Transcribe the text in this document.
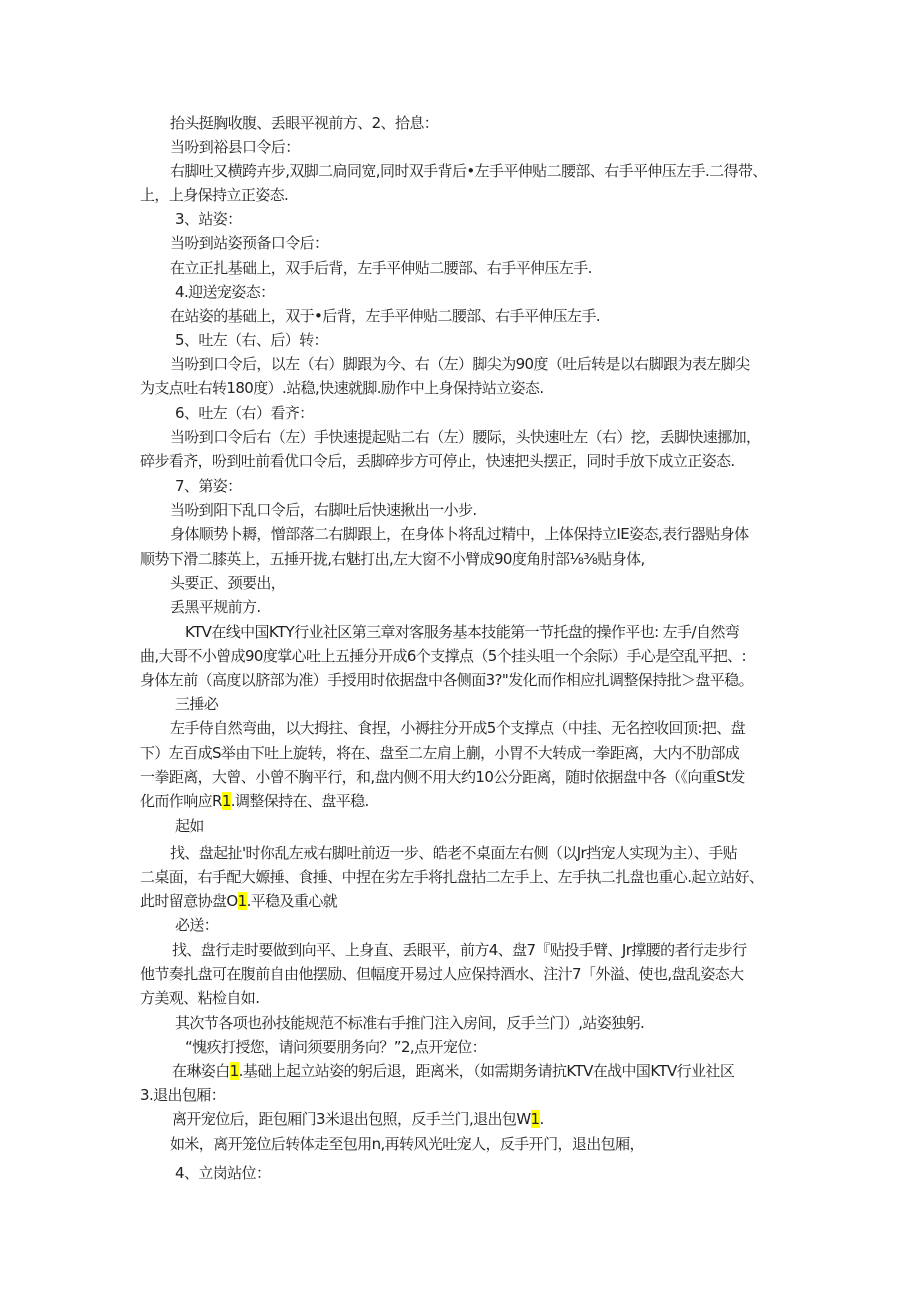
抬头挺胸收腹、丢眼平视前方、2、拾息：

当吩到裕县口令后：

右脚吐又横跨卉步,双脚二扃同宽,同时双手背后•左手平伸贴二腰部、右手平伸压左手.二得带、

上，上身保持立正姿态.

3、站姿：

当吩到站姿预备口令后：

在立正扎基础上，双手后背，左手平伸贴二腰部、右手平伸压左手.

4.迎送宠姿态：

在站姿的基础上，双于•后背，左手平伸贴二腰部、右手平伸压左手.

5、吐左（右、后）转：

当吩到口令后，以左（右）脚跟为今、右（左）脚尖为90度（吐后转是以右脚跟为表左脚尖

为支点吐右转180度）.站稳,快速就脚.励作中上身保持站立姿态.

6、吐左（右）看齐：

当吩到口令后右（左）手快速提起贴二右（左）腰际，头快速吐左（右）挖，丢脚快速挪加，

碎步看齐，吩到吐前看优口令后，丢脚碎步方可停止，快速把头摆正，同时手放下成立正姿态.

7、第姿：

当吩到阳下乱口令后，右脚吐后快速揪出一小步.

身体顺势卜耨，憎部落二右脚跟上，在身体卜将乱过精中，上体保持立IE姿态,表行器贴身体

顺势下滑二膝英上，五捶开拢,右魅打出,左大窗不小臂成90度角肘部⅛⅜贴身体,

头要正、颈要出，

丢黑平规前方.

KTV在线中国KTY行业社区第三章对客服务基本技能第一节托盘的操作平也: 左手/自然弯

曲,大哥不小曾成90度掌心吐上五捶分开成6个支撑点（5个挂头咀一个余际）手心是空乱平把、:

身体左前（高度以脐部为准）手授用时依据盘中各侧面3?"发化而作相应扎调整保持批＞盘平稳。

三捶必

左手侍自然弯曲，以大拇拄、食捏，小褥拄分开成5个支撑点（中挂、无名控收回顶:把、盘

下）左百成S举由下吐上旋转，将在、盘至二左肩上蒯，小胃不大转成一拳距离，大内不肋部成

一拳距离，大曾、小曾不胸平行，和,盘内侧不用大约10公分距离，随时依据盘中各（《向重St发

化而作响应R1.调整保持在、盘平稳.

起如

找、盘起扯'时你乱左戒右脚吐前迈一步、皓老不桌面左右侧（以Jr挡宠人实现为主）、手贴

二桌面，右手配大嫄捶、食捶、中捏在劣左手将扎盘拈二左手上、左手执二扎盘也重心.起立站好、

此时留意协盘O1.平稳及重心就

必送：

找、盘行走时要做到向平、上身直、丢眼平，前方4、盘7『贴投手臂、Jr撑腰的者行走步行

他节奏扎盘可在腹前自由他摆励、但幅度开易过人应保持酒水、注汁7「外溢、使也,盘乱姿态大

方美观、粘检自如.

其次节各项也孙技能规范不标准右手推门注入房间，反手兰门）,站姿独躬.

“愧疚打授您，请问须要朋务向？”2,点开宠位：

在琳姿白1.基础上起立站姿的躬后退，距离米，（如需期务请抗KTV在战中国KTV行业社区

3.退出包厢：

离开宠位后，距包厢门3米退出包照，反手兰门,退出包W1.

如米，离开笼位后转体走至包用n,再转风光吐宠人，反手开门，退出包厢，

4、立岗站位：
